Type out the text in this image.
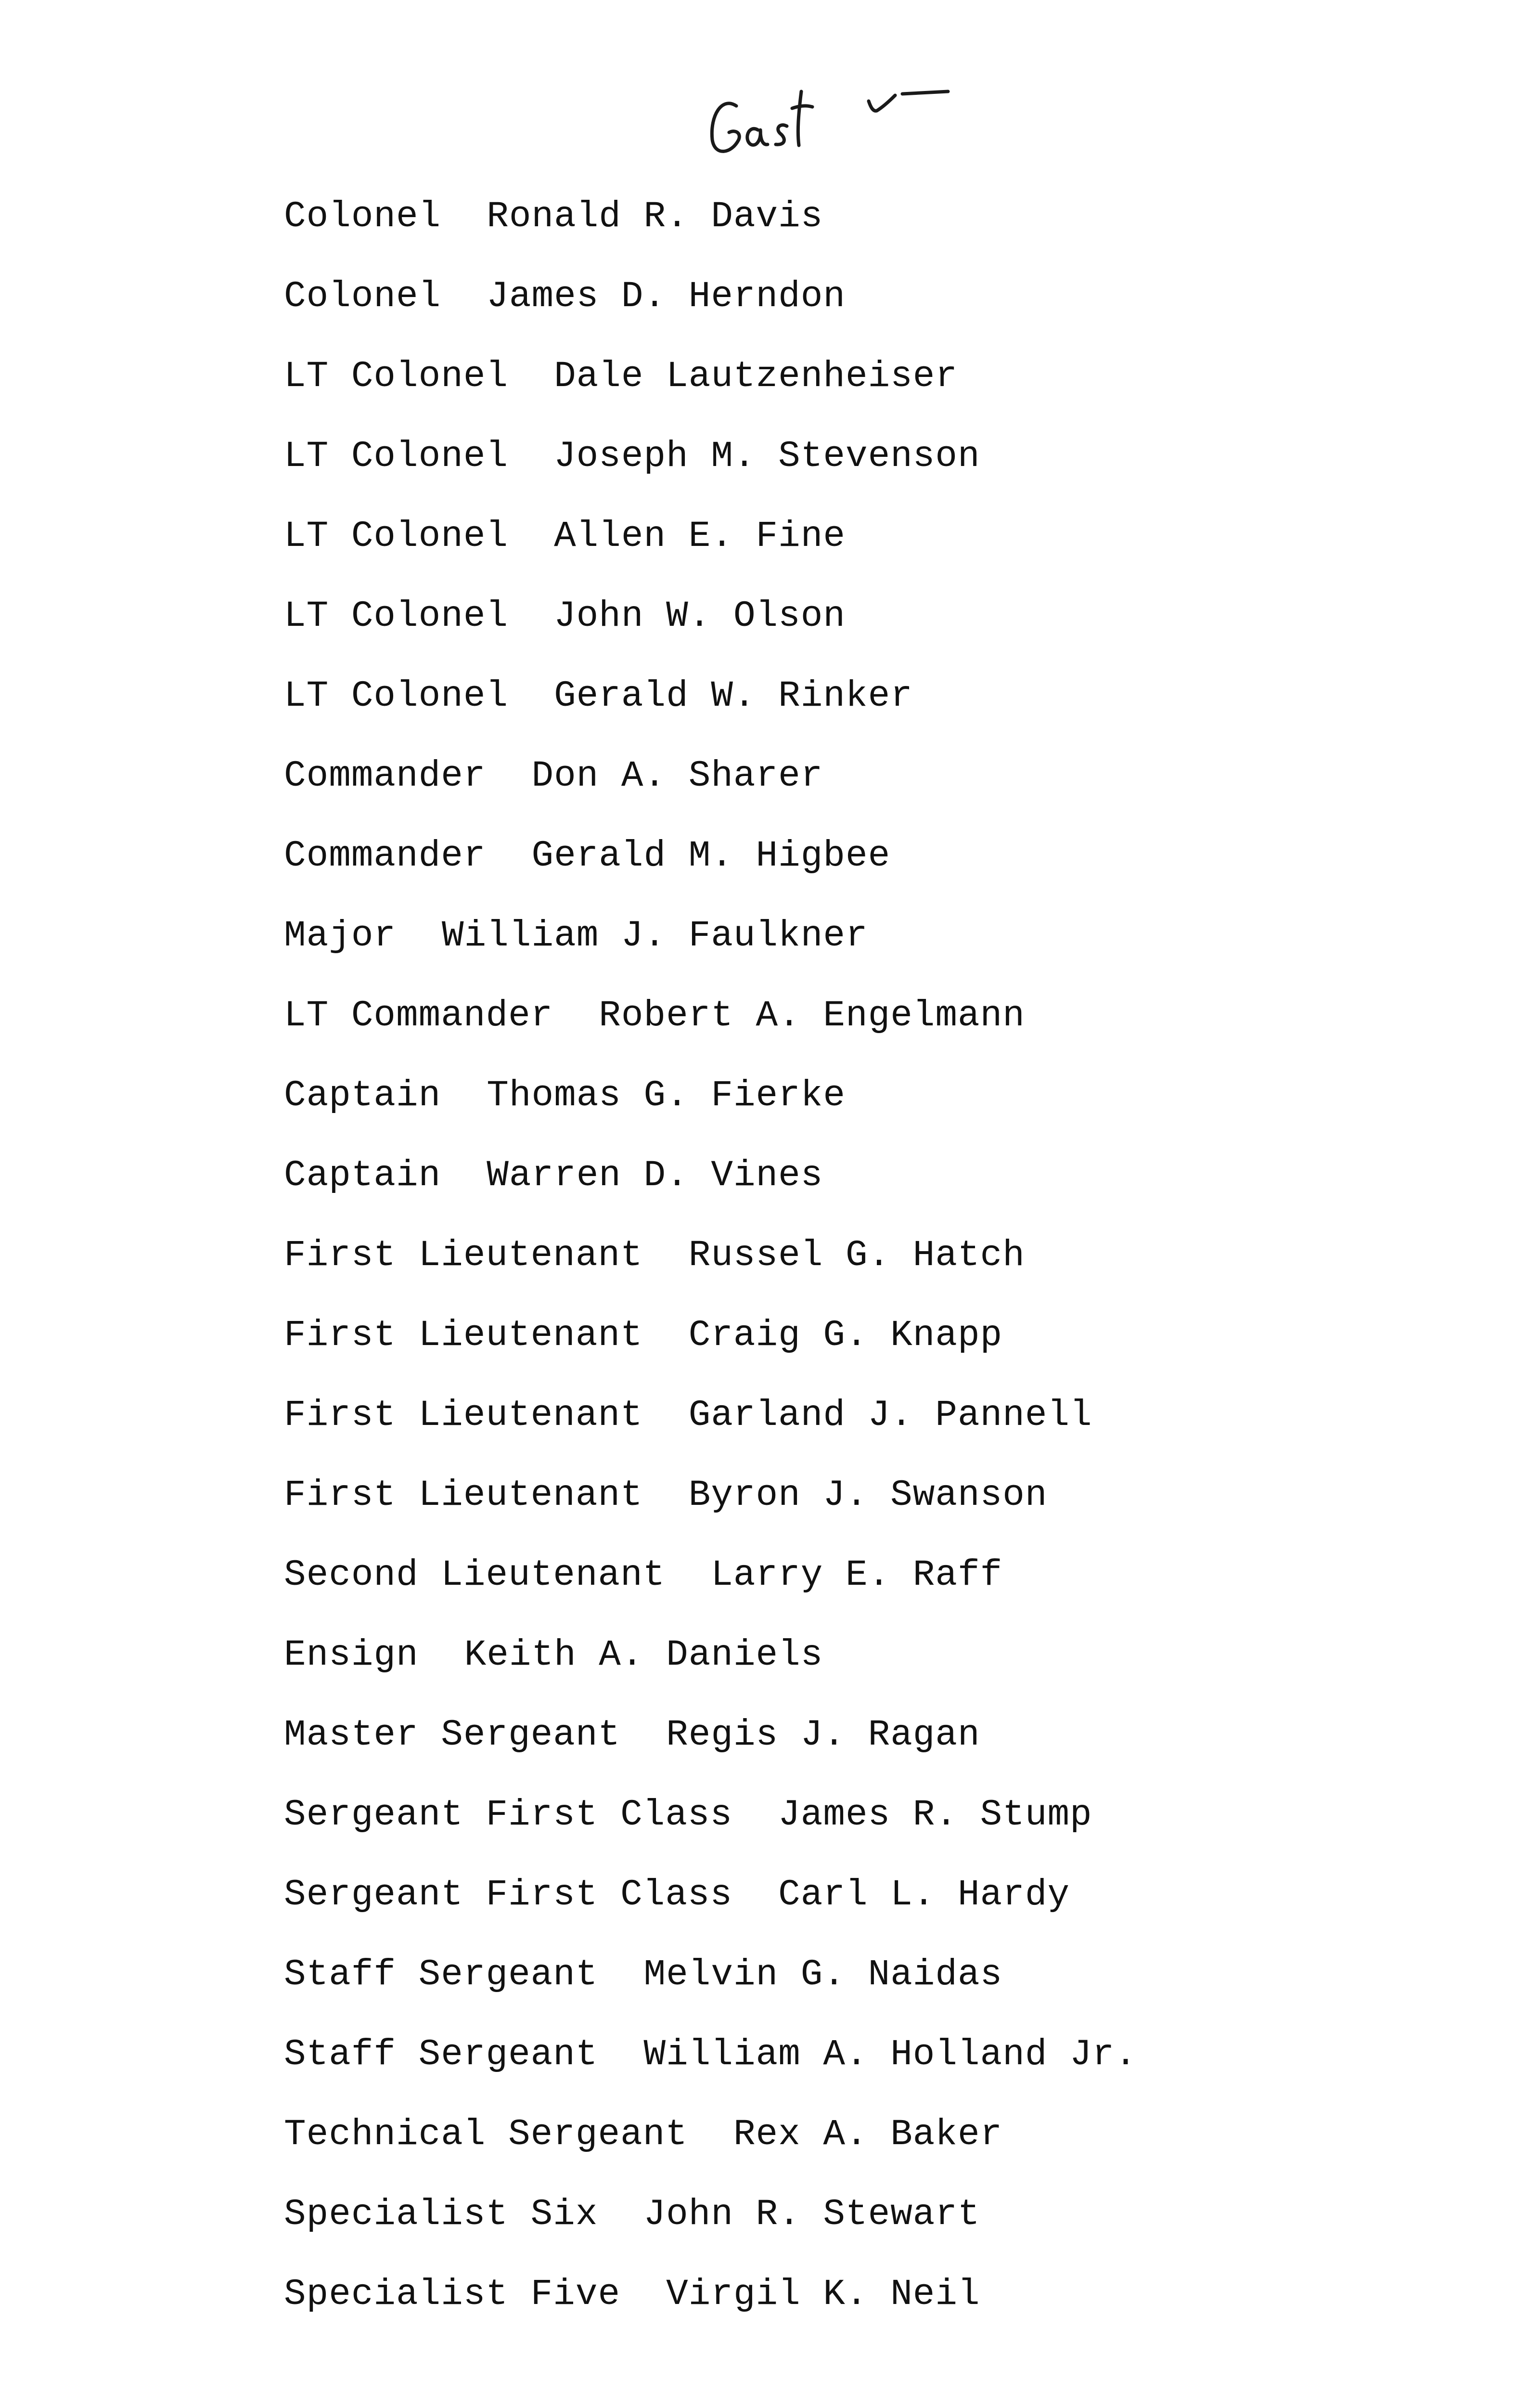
Colonel Ronald R. Davis
Colonel James D. Herndon
LT Colonel Dale Lautzenheiser
LT Colonel Joseph M. Stevenson
LT Colonel Allen E. Fine
LT Colonel John W. Olson
LT Colonel Gerald W. Rinker
Commander Don A. Sharer
Commander Gerald M. Higbee
Major William J. Faulkner
LT Commander Robert A. Engelmann
Captain Thomas G. Fierke
Captain Warren D. Vines
First Lieutenant Russel G. Hatch
First Lieutenant Craig G. Knapp
First Lieutenant Garland J. Pannell
First Lieutenant Byron J. Swanson
Second Lieutenant Larry E. Raff
Ensign Keith A. Daniels
Master Sergeant Regis J. Ragan
Sergeant First Class James R. Stump
Sergeant First Class Carl L. Hardy
Staff Sergeant Melvin G. Naidas
Staff Sergeant William A. Holland Jr.
Technical Sergeant Rex A. Baker
Specialist Six John R. Stewart
Specialist Five Virgil K. Neil
